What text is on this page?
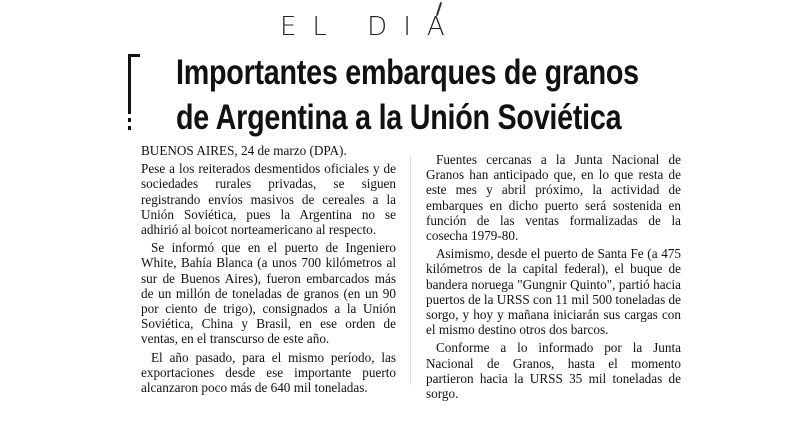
EL DIA
Importantes embarques de granos
de Argentina a la Unión Soviética

BUENOS AIRES, 24 de marzo (DPA).

Pese a los reiterados desmentidos oficiales y de sociedades rurales privadas, se siguen registrando envíos masivos de cereales a la Unión Soviética, pues la Argentina no se adhirió al boicot norteamericano al respecto.

Se informó que en el puerto de Ingeniero White, Bahía Blanca (a unos 700 kilómetros al sur de Buenos Aires), fueron embarcados más de un millón de toneladas de granos (en un 90 por ciento de trigo), consignados a la Unión Soviética, China y Brasil, en ese orden de ventas, en el transcurso de este año.

El año pasado, para el mismo período, las exportaciones desde ese importante puerto alcanzaron poco más de 640 mil toneladas.

Fuentes cercanas a la Junta Nacional de Granos han anticipado que, en lo que resta de este mes y abril próximo, la actividad de embarques en dicho puerto será sostenida en función de las ventas formalizadas de la cosecha 1979-80.

Asimismo, desde el puerto de Santa Fe (a 475 kilómetros de la capital federal), el buque de bandera noruega "Gungnir Quinto", partió hacia puertos de la URSS con 11 mil 500 toneladas de sorgo, y hoy y mañana iniciarán sus cargas con el mismo destino otros dos barcos.

Conforme a lo informado por la Junta Nacional de Granos, hasta el momento partieron hacia la URSS 35 mil toneladas de sorgo.
